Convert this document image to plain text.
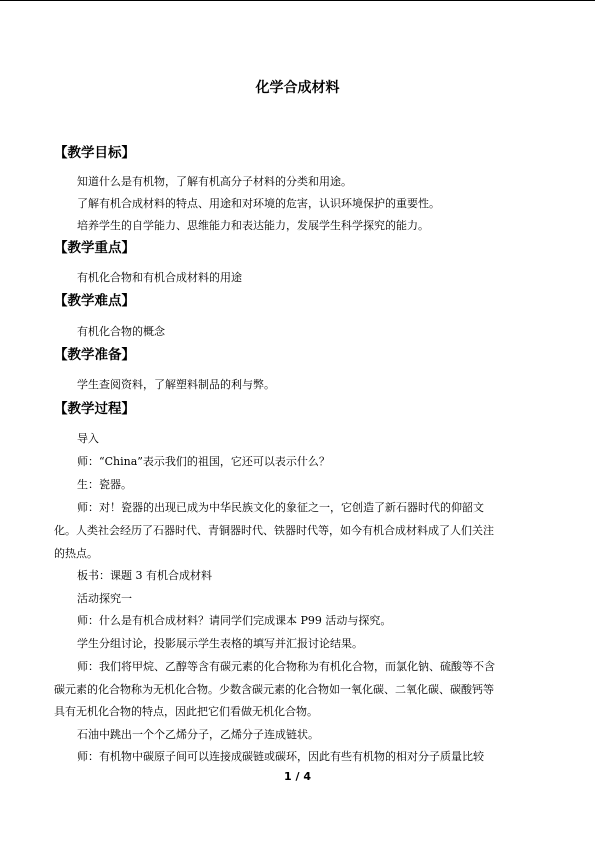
化学合成材料
【教学目标】
知道什么是有机物，了解有机高分子材料的分类和用途。
了解有机合成材料的特点、用途和对环境的危害，认识环境保护的重要性。
培养学生的自学能力、思维能力和表达能力，发展学生科学探究的能力。
【教学重点】
有机化合物和有机合成材料的用途
【教学难点】
有机化合物的概念
【教学准备】
学生查阅资料，了解塑料制品的利与弊。
【教学过程】
导入
师：“China”表示我们的祖国，它还可以表示什么？
生：瓷器。
师：对！瓷器的出现已成为中华民族文化的象征之一，它创造了新石器时代的仰韶文
化。人类社会经历了石器时代、青铜器时代、铁器时代等，如今有机合成材料成了人们关注
的热点。
板书：课题 3 有机合成材料
活动探究一
师：什么是有机合成材料？请同学们完成课本 P99 活动与探究。
学生分组讨论，投影展示学生表格的填写并汇报讨论结果。
师：我们将甲烷、乙醇等含有碳元素的化合物称为有机化合物，而氯化钠、硫酸等不含
碳元素的化合物称为无机化合物。少数含碳元素的化合物如一氧化碳、二氧化碳、碳酸钙等
具有无机化合物的特点，因此把它们看做无机化合物。
石油中跳出一个个乙烯分子，乙烯分子连成链状。
师：有机物中碳原子间可以连接成碳链或碳环，因此有些有机物的相对分子质量比较
1 / 4
